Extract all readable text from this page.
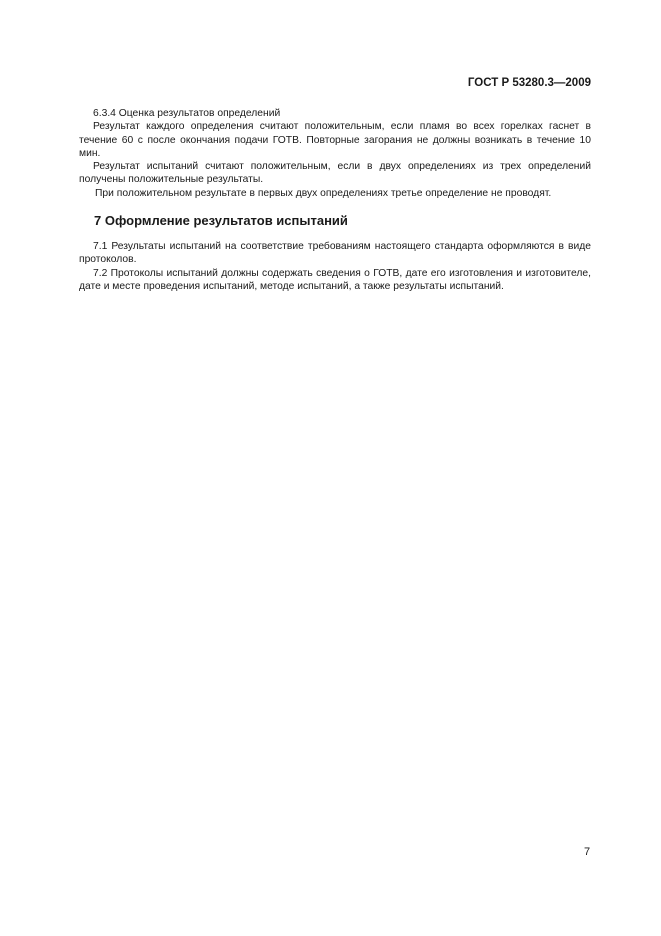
ГОСТ Р 53280.3—2009

6.3.4 Оценка результатов определений

Результат каждого определения считают положительным, если пламя во всех горелках гаснет в течение 60 с после окончания подачи ГОТВ. Повторные загорания не должны возникать в течение 10 мин.

Результат испытаний считают положительным, если в двух определениях из трех определений получены положительные результаты.

При положительном результате в первых двух определениях третье определение не проводят.

7 Оформление результатов испытаний

7.1 Результаты испытаний на соответствие требованиям настоящего стандарта оформляются в виде протоколов.

7.2 Протоколы испытаний должны содержать сведения о ГОТВ, дате его изготовления и изготовителе, дате и месте проведения испытаний, методе испытаний, а также результаты испытаний.

7
